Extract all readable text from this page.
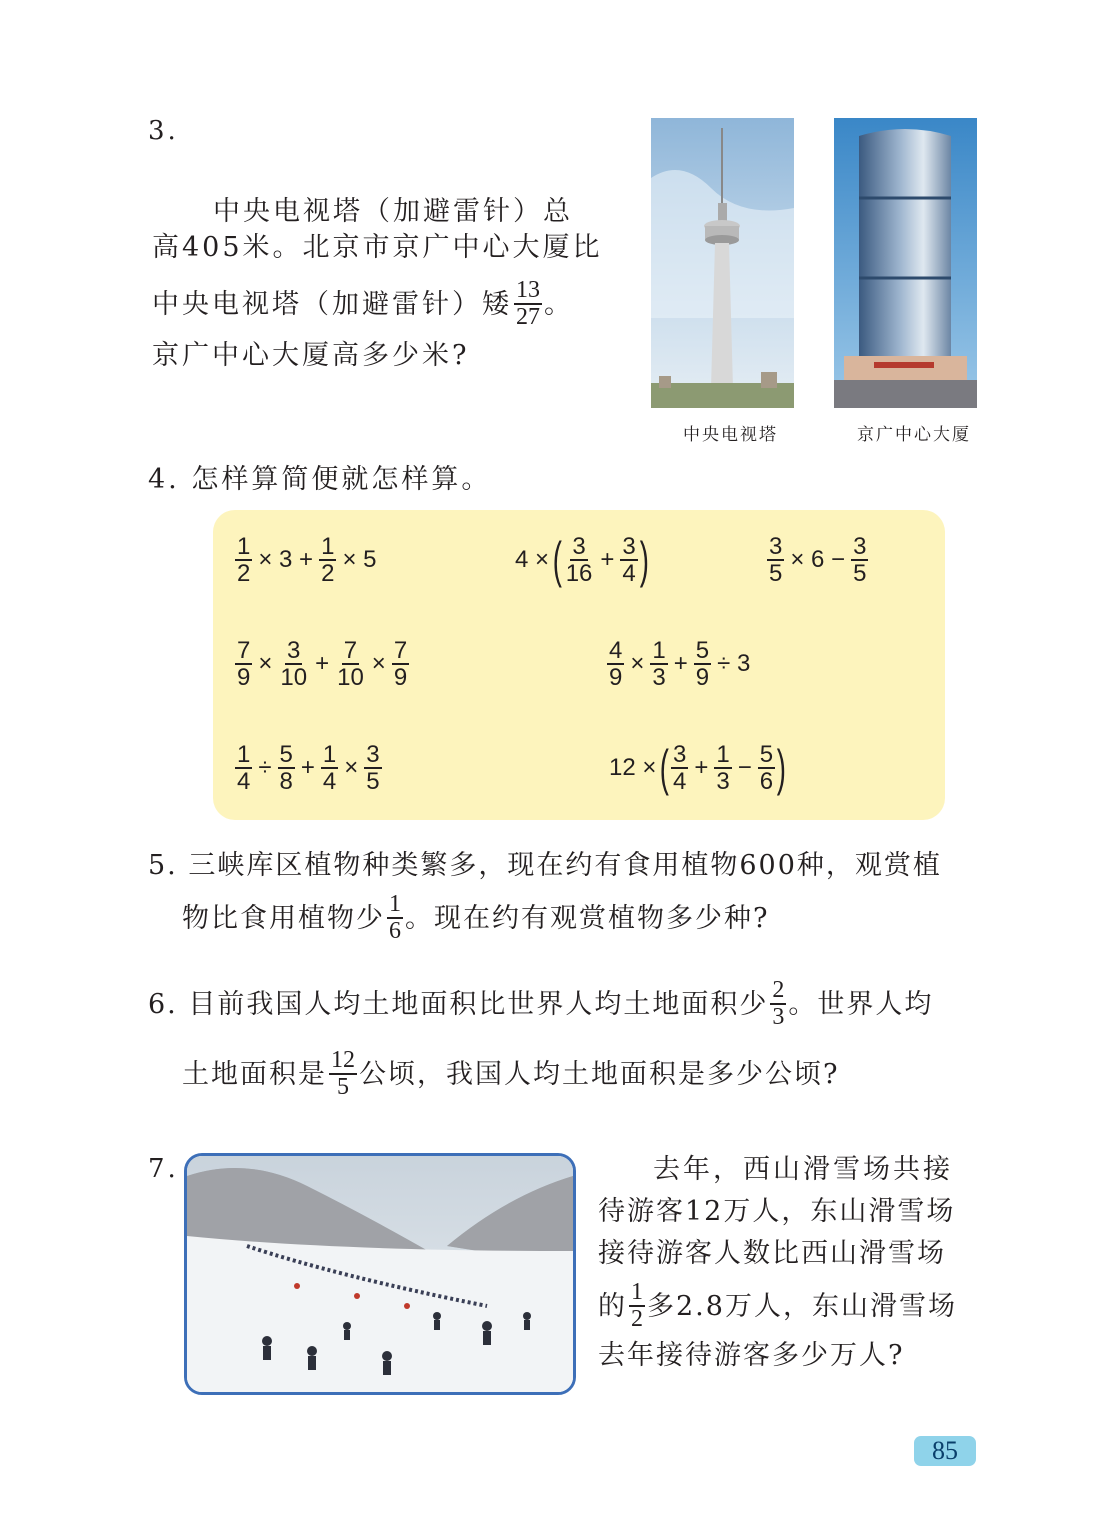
3.
中央电视塔（加避雷针）总
高405米。北京市京广中心大厦比
中央电视塔（加避雷针）矮 $\frac{13}{27}$ 。
京广中心大厦高多少米?
中央电视塔	京广中心大厦
4. 怎样算简便就怎样算。
$\frac{1}{2} \times 3 + \frac{1}{2} \times 5$	4 × ( $\frac{3}{16} + \frac{3}{4}$ )	$\frac{3}{5} \times 6 - \frac{3}{5}$
$\frac{7}{9} \times \frac{3}{10} + \frac{7}{10} \times \frac{7}{9}$	$\frac{4}{9} \times \frac{1}{3} + \frac{5}{9} \div 3$
$\frac{1}{4} \div \frac{5}{8} + \frac{1}{4} \times \frac{3}{5}$	12 × ( $\frac{3}{4} + \frac{1}{3} - \frac{5}{6}$ )
5. 三峡库区植物种类繁多，现在约有食用植物600种，观赏植
物比食用植物少 $\frac{1}{6}$ 。现在约有观赏植物多少种?
6. 目前我国人均土地面积比世界人均土地面积少 $\frac{2}{3}$ 。世界人均
土地面积是 $\frac{12}{5}$ 公顷，我国人均土地面积是多少公顷?
7.	去年，西山滑雪场共接
待游客12万人，东山滑雪场
接待游客人数比西山滑雪场
的 $\frac{1}{2}$ 多2.8万人，东山滑雪场
去年接待游客多少万人?
85
